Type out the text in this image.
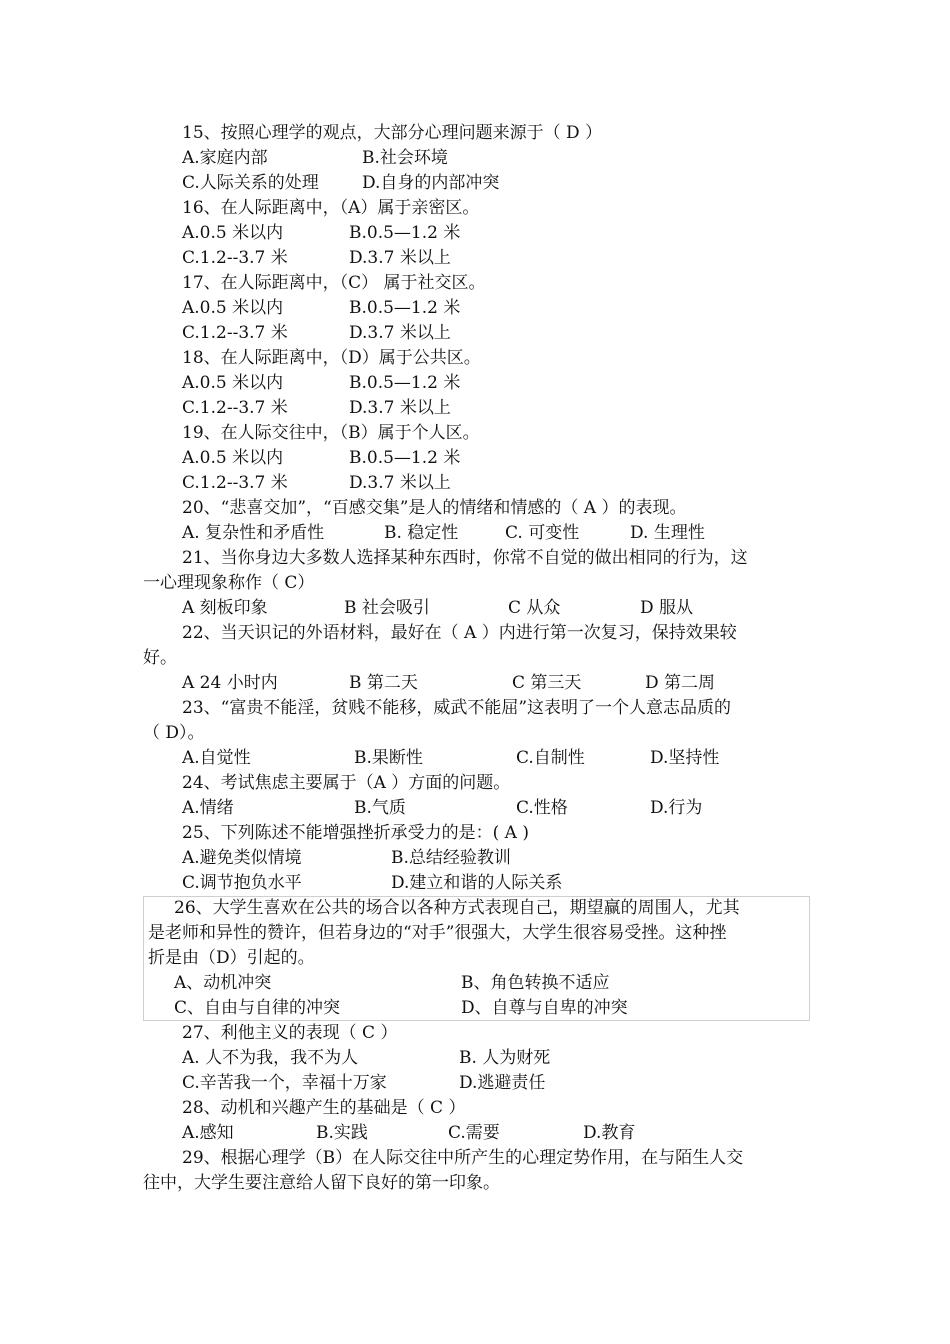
15、按照心理学的观点，大部分心理问题来源于（ D ）
A.家庭内部	B.社会环境
C.人际关系的处理	D.自身的内部冲突
16、在人际距离中，（A）属于亲密区。
A.0.5 米以内	B.0.5—1.2 米
C.1.2--3.7 米	D.3.7 米以上
17、在人际距离中，（C） 属于社交区。
A.0.5 米以内	B.0.5—1.2 米
C.1.2--3.7 米	D.3.7 米以上
18、在人际距离中，（D）属于公共区。
A.0.5 米以内	B.0.5—1.2 米
C.1.2--3.7 米	D.3.7 米以上
19、在人际交往中，（B）属于个人区。
A.0.5 米以内	B.0.5—1.2 米
C.1.2--3.7 米	D.3.7 米以上
20、“悲喜交加”，“百感交集”是人的情绪和情感的（ A ）的表现。
A. 复杂性和矛盾性	B. 稳定性	C. 可变性	D. 生理性
21、当你身边大多数人选择某种东西时，你常不自觉的做出相同的行为，这
一心理现象称作（ C）
A 刻板印象	B 社会吸引	C 从众	D 服从
22、当天识记的外语材料，最好在（ A ）内进行第一次复习，保持效果较
好。
A 24 小时内	B 第二天	C 第三天	D 第二周
23、“富贵不能淫，贫贱不能移，威武不能屈”这表明了一个人意志品质的
（ D）。
A.自觉性	B.果断性	C.自制性	D.坚持性
24、考试焦虑主要属于（A ）方面的问题。
A.情绪	B.气质	C.性格	D.行为
25、下列陈述不能增强挫折承受力的是：( A )
A.避免类似情境	B.总结经验教训
C.调节抱负水平	D.建立和谐的人际关系
26、大学生喜欢在公共的场合以各种方式表现自己，期望赢的周围人，尤其
是老师和异性的赞许，但若身边的“对手”很强大，大学生很容易受挫。这种挫
折是由（D）引起的。
A、动机冲突	B、角色转换不适应
C、自由与自律的冲突	D、自尊与自卑的冲突
27、利他主义的表现（ C ）
A. 人不为我，我不为人	B. 人为财死
C.辛苦我一个，幸福十万家	D.逃避责任
28、动机和兴趣产生的基础是（ C ）
A.感知	B.实践	C.需要	D.教育
29、根据心理学（B）在人际交往中所产生的心理定势作用，在与陌生人交
往中，大学生要注意给人留下良好的第一印象。
